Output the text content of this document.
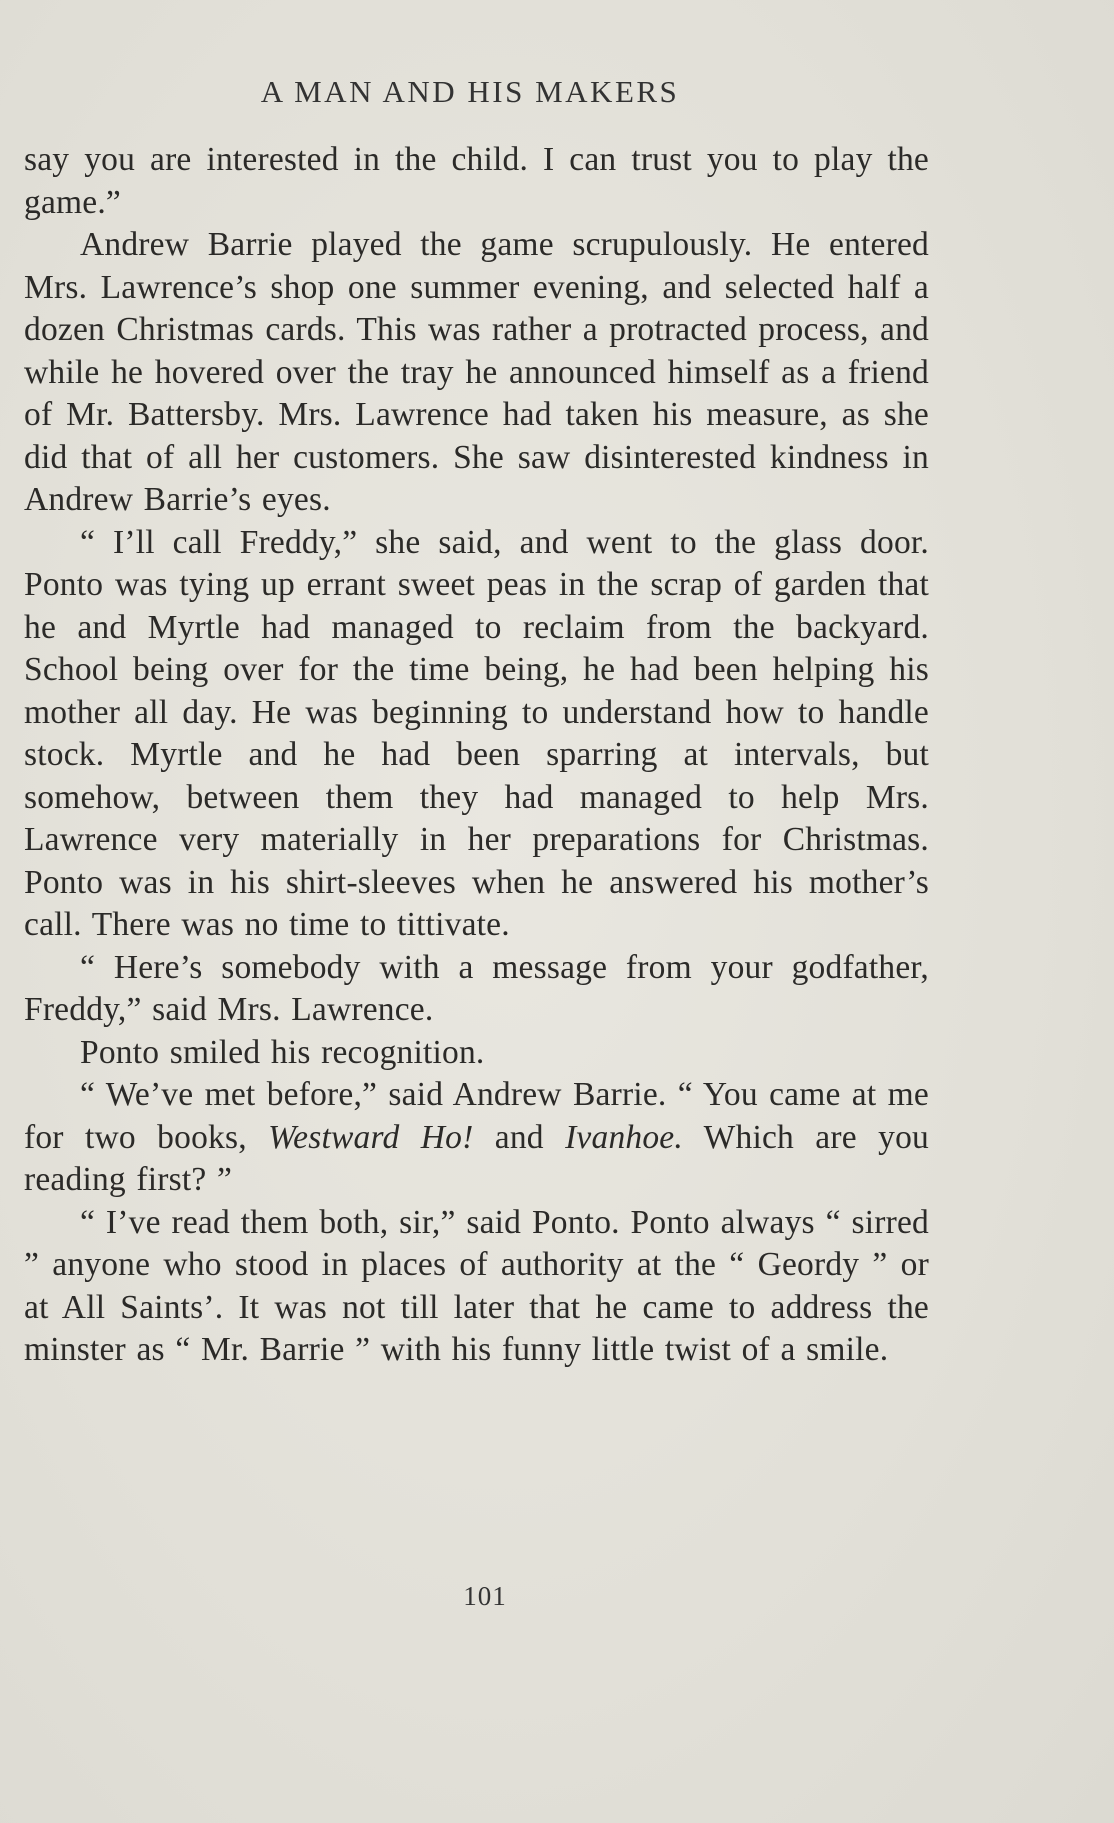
A MAN AND HIS MAKERS

say you are interested in the child. I can trust you to play the game.”

Andrew Barrie played the game scrupulously. He entered Mrs. Lawrence’s shop one summer evening, and selected half a dozen Christmas cards. This was rather a protracted process, and while he hovered over the tray he announced himself as a friend of Mr. Battersby. Mrs. Lawrence had taken his measure, as she did that of all her customers. She saw disinterested kindness in Andrew Barrie’s eyes.

“ I’ll call Freddy,” she said, and went to the glass door. Ponto was tying up errant sweet peas in the scrap of garden that he and Myrtle had managed to reclaim from the backyard. School being over for the time being, he had been helping his mother all day. He was beginning to understand how to handle stock. Myrtle and he had been sparring at intervals, but somehow, between them they had managed to help Mrs. Lawrence very materially in her preparations for Christmas. Ponto was in his shirt-sleeves when he answered his mother’s call. There was no time to tittivate.

“ Here’s somebody with a message from your godfather, Freddy,” said Mrs. Lawrence.

Ponto smiled his recognition.

“ We’ve met before,” said Andrew Barrie. “ You came at me for two books, Westward Ho! and Ivanhoe. Which are you reading first? ”

“ I’ve read them both, sir,” said Ponto. Ponto always “ sirred ” anyone who stood in places of authority at the “ Geordy ” or at All Saints’. It was not till later that he came to address the minster as “ Mr. Barrie ” with his funny little twist of a smile.

101
